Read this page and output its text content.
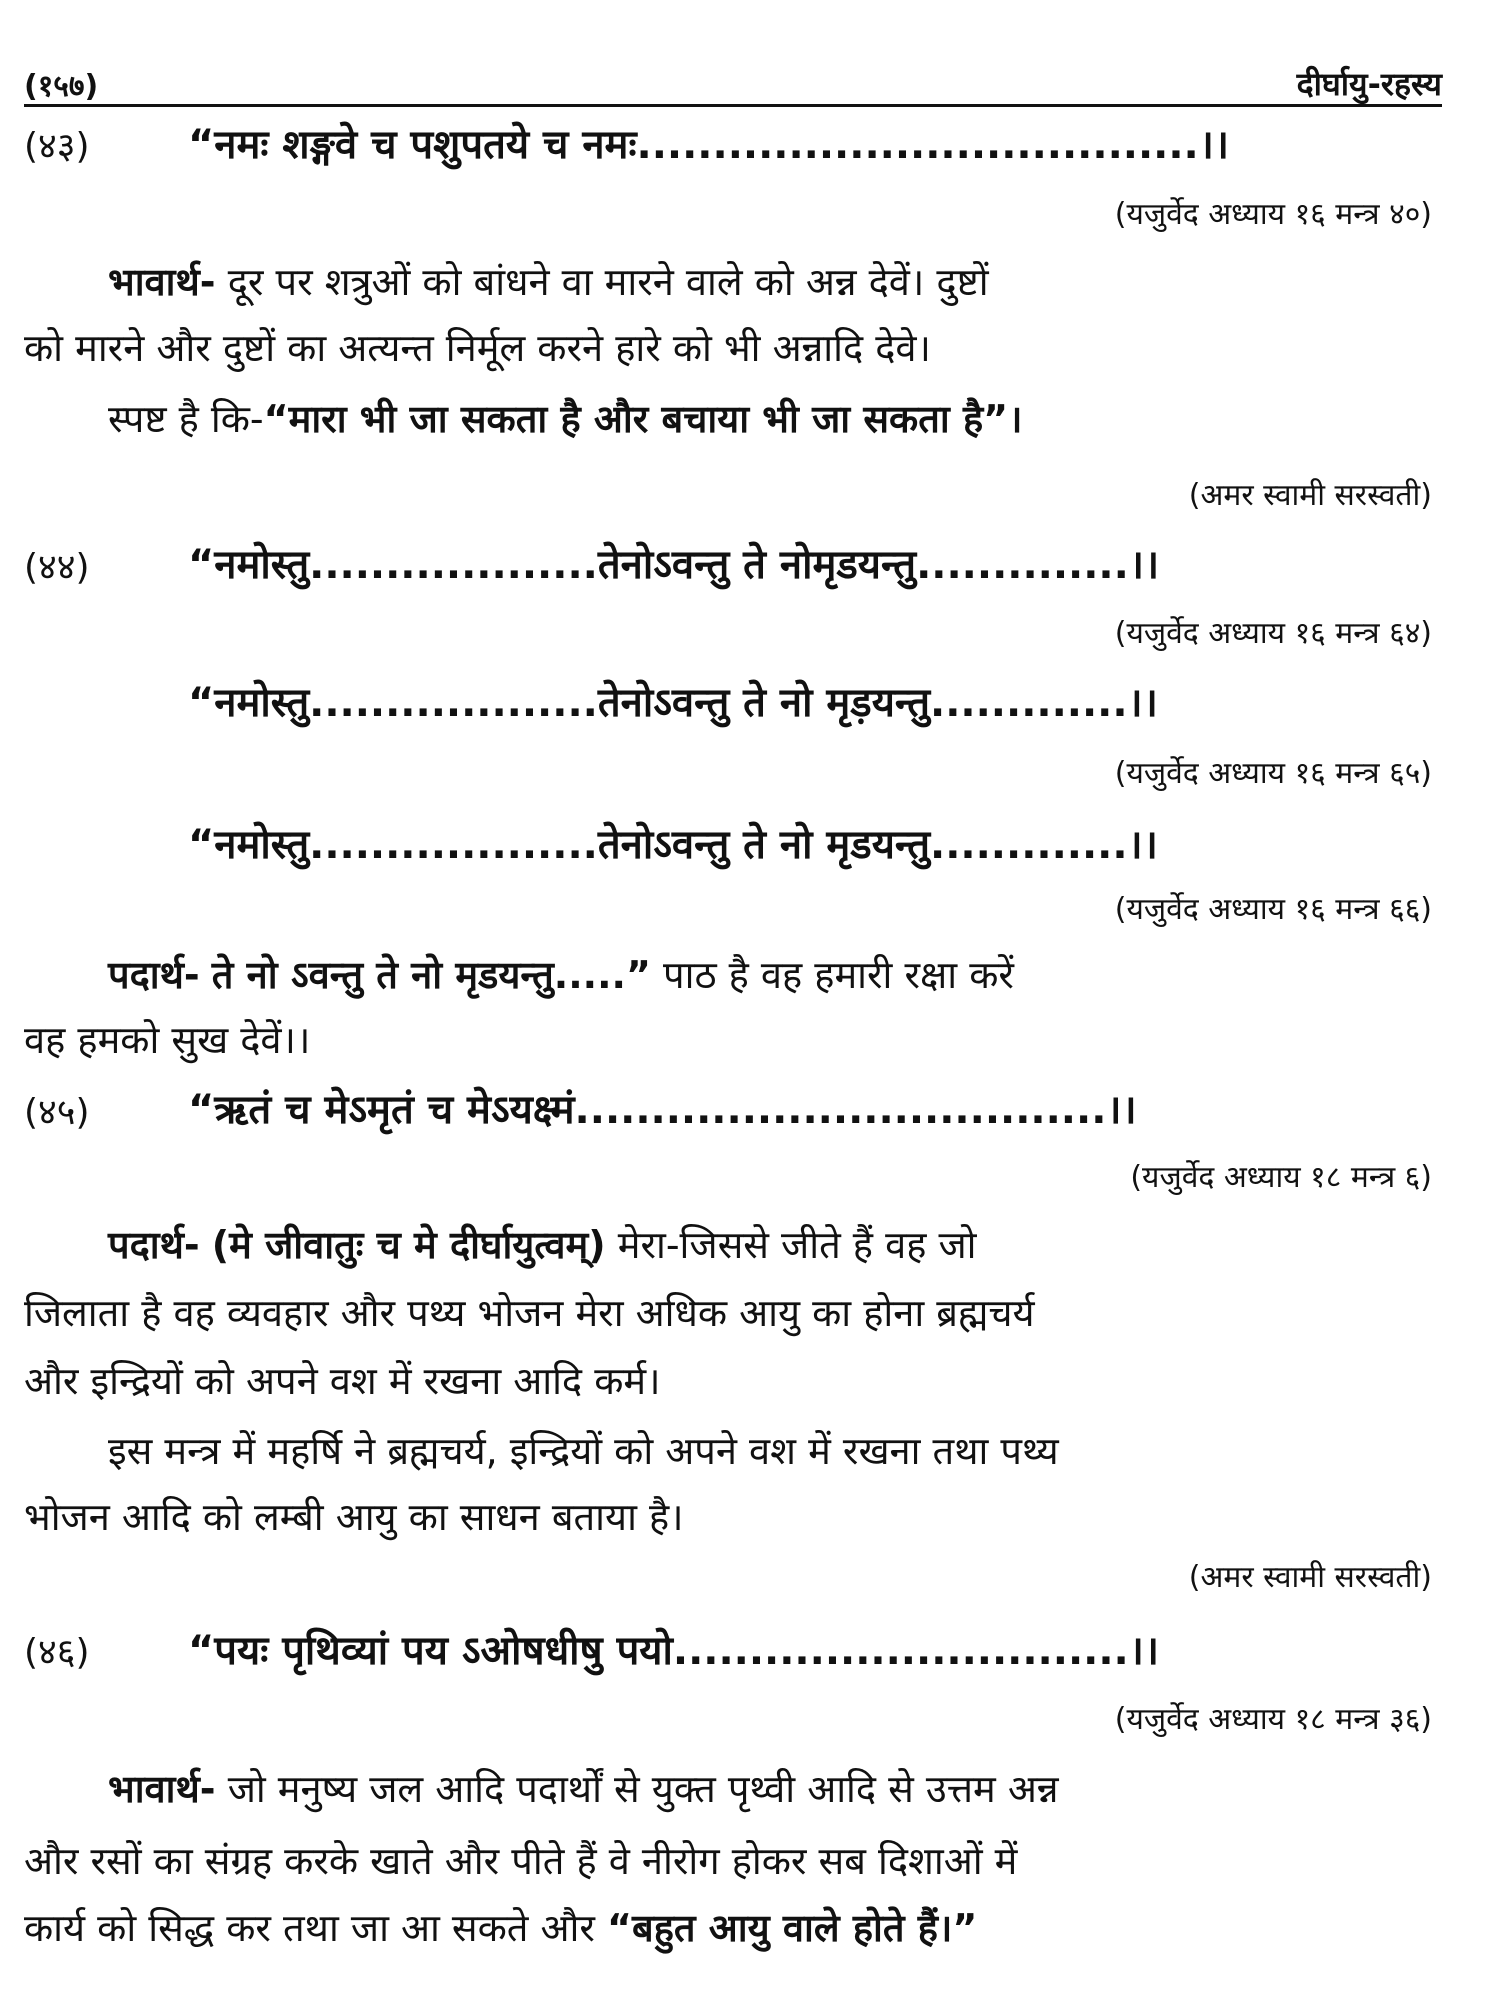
(१५७)	दीर्घायु-रहस्य
(४३) “नमः शङ्गवे च पशुपतये च नमः.....................................।।
(यजुर्वेद अध्याय १६ मन्त्र ४०)
भावार्थ- दूर पर शत्रुओं को बांधने वा मारने वाले को अन्न देवें। दुष्टों
को मारने और दुष्टों का अत्यन्त निर्मूल करने हारे को भी अन्नादि देवे।
स्पष्ट है कि-“मारा भी जा सकता है और बचाया भी जा सकता है”।
(अमर स्वामी सरस्वती)
(४४) “नमोस्तु...................तेनोऽवन्तु ते नोमृडयन्तु..............।।
(यजुर्वेद अध्याय १६ मन्त्र ६४)
“नमोस्तु...................तेनोऽवन्तु ते नो मृड़यन्तु.............।।
(यजुर्वेद अध्याय १६ मन्त्र ६५)
“नमोस्तु...................तेनोऽवन्तु ते नो मृडयन्तु.............।।
(यजुर्वेद अध्याय १६ मन्त्र ६६)
पदार्थ- ते नो ऽवन्तु ते नो मृडयन्तु.....” पाठ है वह हमारी रक्षा करें
वह हमको सुख देवें।।
(४५) “ऋतं च मेऽमृतं च मेऽयक्ष्मं...................................।।
(यजुर्वेद अध्याय १८ मन्त्र ६)
पदार्थ- (मे जीवातुः च मे दीर्घायुत्वम्) मेरा-जिससे जीते हैं वह जो
जिलाता है वह व्यवहार और पथ्य भोजन मेरा अधिक आयु का होना ब्रह्मचर्य
और इन्द्रियों को अपने वश में रखना आदि कर्म।
इस मन्त्र में महर्षि ने ब्रह्मचर्य, इन्द्रियों को अपने वश में रखना तथा पथ्य
भोजन आदि को लम्बी आयु का साधन बताया है।
(अमर स्वामी सरस्वती)
(४६) “पयः पृथिव्यां पय ऽओषधीषु पयो..............................।।
(यजुर्वेद अध्याय १८ मन्त्र ३६)
भावार्थ- जो मनुष्य जल आदि पदार्थों से युक्त पृथ्वी आदि से उत्तम अन्न
और रसों का संग्रह करके खाते और पीते हैं वे नीरोग होकर सब दिशाओं में
कार्य को सिद्ध कर तथा जा आ सकते और “बहुत आयु वाले होते हैं।”
